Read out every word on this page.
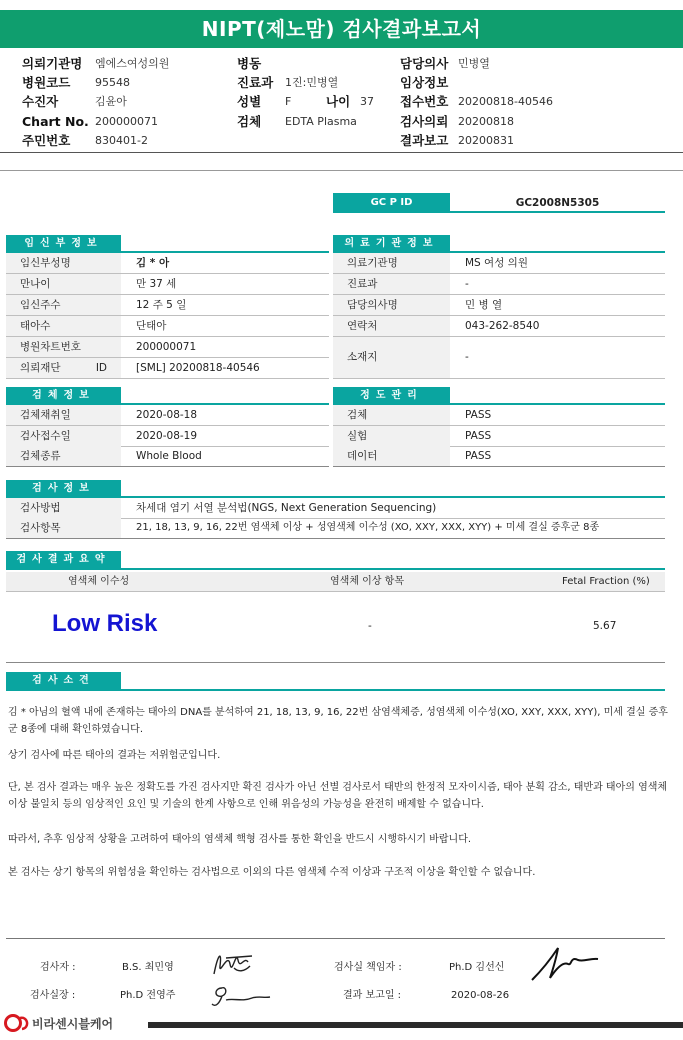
NIPT(제노맘) 검사결과보고서
의뢰기관명 엠에스여성의원
병원코드 95548
수진자	김윤아
Chart No. 200000071
주민번호 830401-2
병동
진료과 1진:민병열
성별 F	나이 37
검체 EDTA Plasma
담당의사 민병열
임상정보
접수번호 20200818-40546
검사의뢰 20200818
결과보고 20200831
GC P ID	GC2008N5305
임신부정보
임신부성명	김 * 아
만나이	만 37 세
임신주수	12 주 5 일
태아수	단태아
병원차트번호	200000071
의뢰재단 ID	[SML] 20200818-40546
의료기관정보
의료기관명	MS 여성 의원
진료과	-
담당의사명	민 병 열
연락처	043-262-8540
소재지	-
검체정보
검체채취일	2020-08-18
검사접수일	2020-08-19
검체종류	Whole Blood
정도관리
검체	PASS
실험	PASS
데이터	PASS
검사정보
검사방법	차세대 염기 서열 분석법(NGS, Next Generation Sequencing)
검사항목	21, 18, 13, 9, 16, 22번 염색체 이상 + 성염색체 이수성 (XO, XXY, XXX, XYY) + 미세 결실 증후군 8종
검사결과요약
염색체 이수성	염색체 이상 항목	Fetal Fraction (%)
Low Risk	-	5.67
검사소견
김 * 아님의 혈액 내에 존재하는 태아의 DNA를 분석하여 21, 18, 13, 9, 16, 22번 삼염색체증, 성염색체 이수성(XO, XXY, XXX, XYY), 미세 결실 증후군 8종에 대해 확인하였습니다.
상기 검사에 따른 태아의 결과는 저위험군입니다.
단, 본 검사 결과는 매우 높은 정확도를 가진 검사지만 확진 검사가 아닌 선별 검사로서 태반의 한정적 모자이시즘, 태아 분획 감소, 태반과 태아의 염색체 이상 불일치 등의 임상적인 요인 및 기술의 한계 사항으로 인해 위음성의 가능성을 완전히 배제할 수 없습니다.
따라서, 추후 임상적 상황을 고려하여 태아의 염색체 핵형 검사를 통한 확인을 반드시 시행하시기 바랍니다.
본 검사는 상기 항목의 위험성을 확인하는 검사법으로 이외의 다른 염색체 수적 이상과 구조적 이상을 확인할 수 없습니다.
검사자 :	B.S. 최민영
검사실장 :	Ph.D 전영주
검사실 책임자 :	Ph.D 김선신
결과 보고일 :	2020-08-26
비라센시블케어
